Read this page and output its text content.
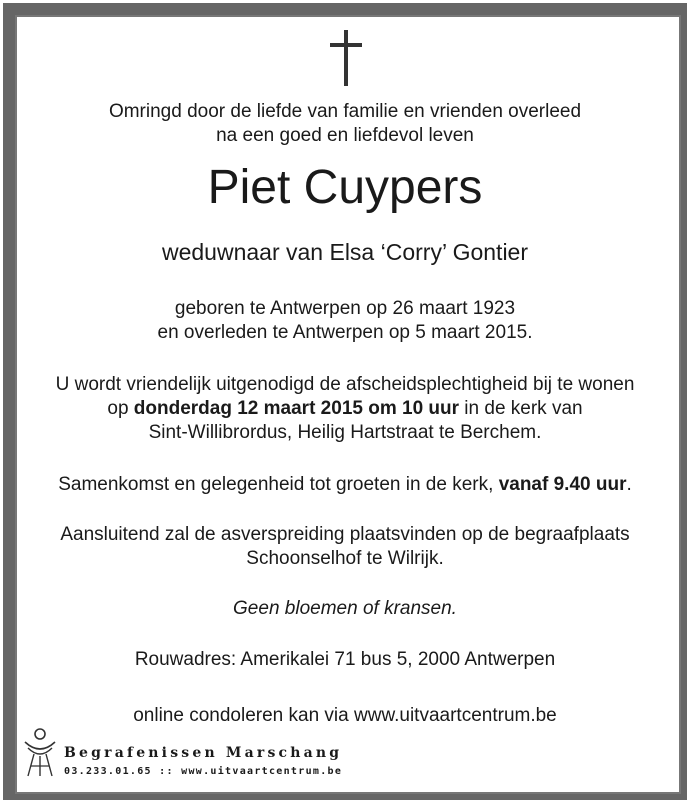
Omringd door de liefde van familie en vrienden overleed
na een goed en liefdevol leven
Piet Cuypers
weduwnaar van Elsa ‘Corry’ Gontier
geboren te Antwerpen op 26 maart 1923
en overleden te Antwerpen op 5 maart 2015.
U wordt vriendelijk uitgenodigd de afscheidsplechtigheid bij te wonen
op donderdag 12 maart 2015 om 10 uur in de kerk van
Sint-Willibrordus, Heilig Hartstraat te Berchem.
Samenkomst en gelegenheid tot groeten in de kerk, vanaf 9.40 uur.
Aansluitend zal de asverspreiding plaatsvinden op de begraafplaats
Schoonselhof te Wilrijk.
Geen bloemen of kransen.
Rouwadres: Amerikalei 71 bus 5, 2000 Antwerpen
online condoleren kan via www.uitvaartcentrum.be
Begrafenissen Marschang
03.233.01.65 :: www.uitvaartcentrum.be
